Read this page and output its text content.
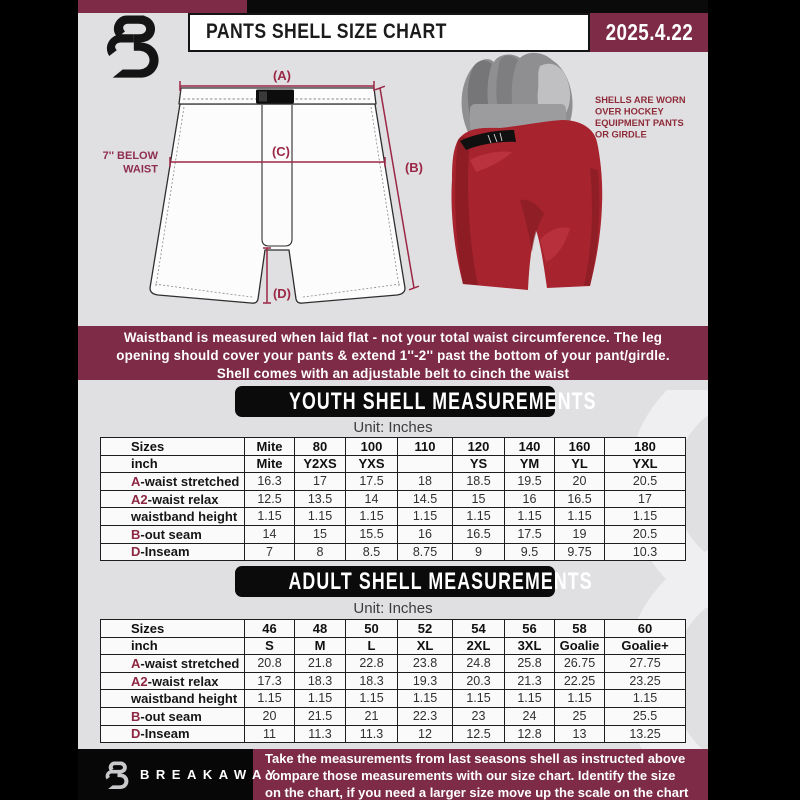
PANTS SHELL SIZE CHART	2025.4.22
SHELLS ARE WORN
OVER HOCKEY
EQUIPMENT PANTS
OR GIRDLE
(A)
(B)
(C)
(D)
7'' BELOW
WAIST
Waistband is measured when laid flat - not your total waist circumference. The leg
opening should cover your pants & extend 1''-2'' past the bottom of your pant/girdle.
Shell comes with an adjustable belt to cinch the waist
YOUTH SHELL MEASUREMENTS
Unit: Inches
Sizes	Mite	80	100	110	120	140	160	180
inch	Mite	Y2XS	YXS		YS	YM	YL	YXL
A-waist stretched	16.3	17	17.5	18	18.5	19.5	20	20.5
A2-waist relax	12.5	13.5	14	14.5	15	16	16.5	17
waistband height	1.15	1.15	1.15	1.15	1.15	1.15	1.15	1.15
B-out seam	14	15	15.5	16	16.5	17.5	19	20.5
D-Inseam	7	8	8.5	8.75	9	9.5	9.75	10.3
ADULT SHELL MEASUREMENTS
Unit: Inches
Sizes	46	48	50	52	54	56	58	60
inch	S	M	L	XL	2XL	3XL	Goalie	Goalie+
A-waist stretched	20.8	21.8	22.8	23.8	24.8	25.8	26.75	27.75
A2-waist relax	17.3	18.3	18.3	19.3	20.3	21.3	22.25	23.25
waistband height	1.15	1.15	1.15	1.15	1.15	1.15	1.15	1.15
B-out seam	20	21.5	21	22.3	23	24	25	25.5
D-Inseam	11	11.3	11.3	12	12.5	12.8	13	13.25
Take the measurements from last seasons shell as instructed above
compare those measurements with our size chart. Identify the size
on the chart, if you need a larger size move up the scale on the chart
BREAKAWAY
